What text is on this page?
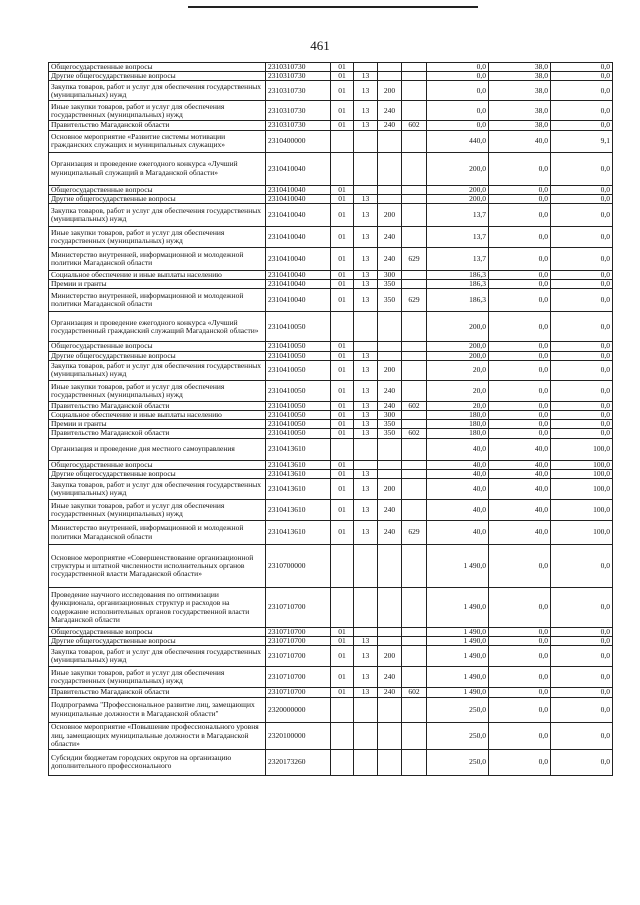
461
Общегосударственные вопросы	2310310730	01				0,0	38,0	0,0
Другие общегосударственные вопросы	2310310730	01	13			0,0	38,0	0,0
Закупка товаров, работ и услуг для обеспечения государственных (муниципальных) нужд	2310310730	01	13	200		0,0	38,0	0,0
Иные закупки товаров, работ и услуг для обеспечения государственных (муниципальных) нужд	2310310730	01	13	240		0,0	38,0	0,0
Правительство Магаданской области	2310310730	01	13	240	602	0,0	38,0	0,0
Основное мероприятие «Развитие системы мотивации гражданских служащих и муниципальных служащих»	2310400000					440,0	40,0	9,1
Организация и проведение ежегодного конкурса «Лучший муниципальный служащий в Магаданской области»	2310410040					200,0	0,0	0,0
Общегосударственные вопросы	2310410040	01				200,0	0,0	0,0
Другие общегосударственные вопросы	2310410040	01	13			200,0	0,0	0,0
Закупка товаров, работ и услуг для обеспечения государственных (муниципальных) нужд	2310410040	01	13	200		13,7	0,0	0,0
Иные закупки товаров, работ и услуг для обеспечения государственных (муниципальных) нужд	2310410040	01	13	240		13,7	0,0	0,0
Министерство внутренней, информационной и молодежной политики Магаданской области	2310410040	01	13	240	629	13,7	0,0	0,0
Социальное обеспечение и иные выплаты населению	2310410040	01	13	300		186,3	0,0	0,0
Премии и гранты	2310410040	01	13	350		186,3	0,0	0,0
Министерство внутренней, информационной и молодежной политики Магаданской области	2310410040	01	13	350	629	186,3	0,0	0,0
Организация и проведение ежегодного конкурса «Лучший государственный гражданский служащий Магаданской области»	2310410050					200,0	0,0	0,0
Общегосударственные вопросы	2310410050	01				200,0	0,0	0,0
Другие общегосударственные вопросы	2310410050	01	13			200,0	0,0	0,0
Закупка товаров, работ и услуг для обеспечения государственных (муниципальных) нужд	2310410050	01	13	200		20,0	0,0	0,0
Иные закупки товаров, работ и услуг для обеспечения государственных (муниципальных) нужд	2310410050	01	13	240		20,0	0,0	0,0
Правительство Магаданской области	2310410050	01	13	240	602	20,0	0,0	0,0
Социальное обеспечение и иные выплаты населению	2310410050	01	13	300		180,0	0,0	0,0
Премии и гранты	2310410050	01	13	350		180,0	0,0	0,0
Правительство Магаданской области	2310410050	01	13	350	602	180,0	0,0	0,0
Организация и проведение дня местного самоуправления	2310413610					40,0	40,0	100,0
Общегосударственные вопросы	2310413610	01				40,0	40,0	100,0
Другие общегосударственные вопросы	2310413610	01	13			40,0	40,0	100,0
Закупка товаров, работ и услуг для обеспечения государственных (муниципальных) нужд	2310413610	01	13	200		40,0	40,0	100,0
Иные закупки товаров, работ и услуг для обеспечения государственных (муниципальных) нужд	2310413610	01	13	240		40,0	40,0	100,0
Министерство внутренней, информационной и молодежной политики Магаданской области	2310413610	01	13	240	629	40,0	40,0	100,0
Основное мероприятие «Совершенствование организационной структуры и штатной численности исполнительных органов государственной власти Магаданской области»	2310700000					1 490,0	0,0	0,0
Проведение научного исследования по оптимизации функционала, организационных структур и расходов на содержание исполнительных органов государственной власти Магаданской области	2310710700					1 490,0	0,0	0,0
Общегосударственные вопросы	2310710700	01				1 490,0	0,0	0,0
Другие общегосударственные вопросы	2310710700	01	13			1 490,0	0,0	0,0
Закупка товаров, работ и услуг для обеспечения государственных (муниципальных) нужд	2310710700	01	13	200		1 490,0	0,0	0,0
Иные закупки товаров, работ и услуг для обеспечения государственных (муниципальных) нужд	2310710700	01	13	240		1 490,0	0,0	0,0
Правительство Магаданской области	2310710700	01	13	240	602	1 490,0	0,0	0,0
Подпрограмма "Профессиональное развитие лиц, замещающих муниципальные должности в Магаданской области"	2320000000					250,0	0,0	0,0
Основное мероприятие «Повышение профессионального уровня лиц, замещающих муниципальные должности в Магаданской области»	2320100000					250,0	0,0	0,0
Субсидии бюджетам городских округов на организацию дополнительного профессионального	2320173260					250,0	0,0	0,0
